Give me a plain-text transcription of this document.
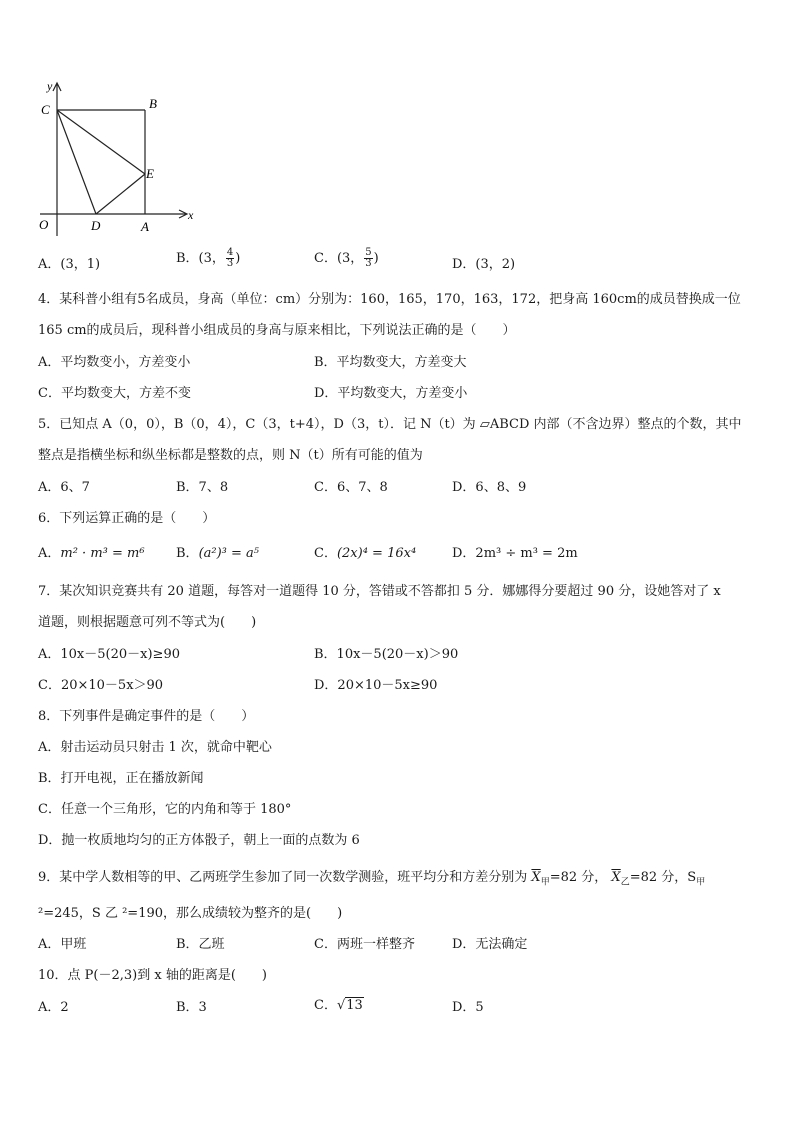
y
C	B
E
O	D	A
x
A．(3，1)	B．(3， $\frac{4}{3}$ )	C．(3， $\frac{5}{3}$ )	D．(3，2)
4．某科普小组有5名成员，身高（单位：cm）分别为：160，165，170，163，172，把身高 160cm的成员替换成一位
165 cm的成员后，现科普小组成员的身高与原来相比，下列说法正确的是（　　）
A．平均数变小，方差变小	B．平均数变大，方差变大
C．平均数变大，方差不变	D．平均数变大，方差变小
5．已知点 A（0，0），B（0，4），C（3，t+4），D（3，t）．记 N（t）为 ▱ABCD 内部（不含边界）整点的个数，其中
整点是指横坐标和纵坐标都是整数的点，则 N（t）所有可能的值为
A．6、7	B．7、8	C．6、7、8	D．6、8、9
6．下列运算正确的是（　　）
A．m² · m³ = m⁶ B．(a²)³ = a⁵	C．(2x)⁴ = 16x⁴	D．2m³ ÷ m³ = 2m
7．某次知识竞赛共有 20 道题，每答对一道题得 10 分，答错或不答都扣 5 分．娜娜得分要超过 90 分，设她答对了 x
道题，则根据题意可列不等式为(　　)
A．10x－5(20－x)≥90	B．10x－5(20－x)＞90
C．20×10－5x＞90	D．20×10－5x≥90
8．下列事件是确定事件的是（　　）
A．射击运动员只射击 1 次，就命中靶心
B．打开电视，正在播放新闻
C．任意一个三角形，它的内角和等于 180°
D．抛一枚质地均匀的正方体骰子，朝上一面的点数为 6
9．某中学人数相等的甲、乙两班学生参加了同一次数学测验，班平均分和方差分别为 $\overline{X}_甲=82$ 分， $\overline{X}_乙=82$ 分，$S_甲$
²=245，S 乙 ²=190，那么成绩较为整齐的是(　　)
A．甲班	B．乙班	C．两班一样整齐	D．无法确定
10．点 P(－2,3)到 x 轴的距离是(　　)
A．2	B．3	C．√13	D．5
